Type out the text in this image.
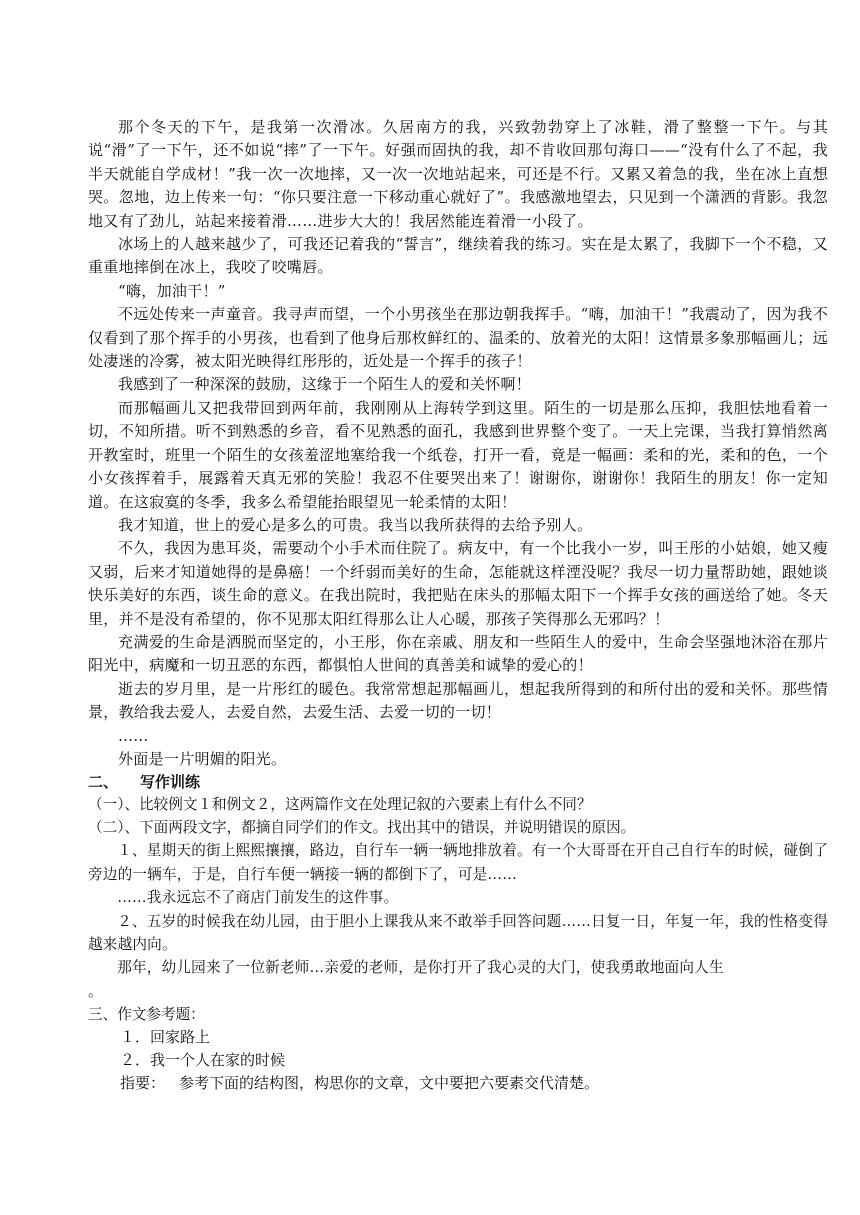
那个冬天的下午，是我第一次滑冰。久居南方的我，兴致勃勃穿上了冰鞋，滑了整整一下午。与其说“滑”了一下午，还不如说“摔”了一下午。好强而固执的我，却不肯收回那句海口——“没有什么了不起，我半天就能自学成材！”我一次一次地摔，又一次一次地站起来，可还是不行。又累又着急的我，坐在冰上直想哭。忽地，边上传来一句：“你只要注意一下移动重心就好了”。我感激地望去，只见到一个潇洒的背影。我忽地又有了劲儿，站起来接着滑……进步大大的！我居然能连着滑一小段了。

冰场上的人越来越少了，可我还记着我的“誓言”，继续着我的练习。实在是太累了，我脚下一个不稳，又重重地摔倒在冰上，我咬了咬嘴唇。

“嗨，加油干！”

不远处传来一声童音。我寻声而望，一个小男孩坐在那边朝我挥手。“嗨，加油干！”我震动了，因为我不仅看到了那个挥手的小男孩，也看到了他身后那枚鲜红的、温柔的、放着光的太阳！这情景多象那幅画儿；远处凄迷的冷雾，被太阳光映得红彤彤的，近处是一个挥手的孩子！

我感到了一种深深的鼓励，这缘于一个陌生人的爱和关怀啊！

而那幅画儿又把我带回到两年前，我刚刚从上海转学到这里。陌生的一切是那么压抑，我胆怯地看着一切，不知所措。听不到熟悉的乡音，看不见熟悉的面孔，我感到世界整个变了。一天上完课，当我打算悄然离开教室时，班里一个陌生的女孩羞涩地塞给我一个纸卷，打开一看，竟是一幅画：柔和的光，柔和的色，一个小女孩挥着手，展露着天真无邪的笑脸！我忍不住要哭出来了！谢谢你，谢谢你！我陌生的朋友！你一定知道。在这寂寞的冬季，我多么希望能抬眼望见一轮柔情的太阳！

我才知道，世上的爱心是多么的可贵。我当以我所获得的去给予别人。

不久，我因为患耳炎，需要动个小手术而住院了。病友中，有一个比我小一岁，叫王彤的小姑娘，她又瘦又弱，后来才知道她得的是鼻癌！一个纤弱而美好的生命，怎能就这样湮没呢？我尽一切力量帮助她，跟她谈快乐美好的东西，谈生命的意义。在我出院时，我把贴在床头的那幅太阳下一个挥手女孩的画送给了她。冬天里，并不是没有希望的，你不见那太阳红得那么让人心暖，那孩子笑得那么无邪吗？！

充满爱的生命是洒脱而坚定的，小王彤，你在亲戚、朋友和一些陌生人的爱中，生命会坚强地沐浴在那片阳光中，病魔和一切丑恶的东西，都惧怕人世间的真善美和诚挚的爱心的！

逝去的岁月里，是一片彤红的暖色。我常常想起那幅画儿，想起我所得到的和所付出的爱和关怀。那些情景，教给我去爱人，去爱自然，去爱生活、去爱一切的一切！

……

外面是一片明媚的阳光。

二、 写作训练

（一）、比较例文１和例文２，这两篇作文在处理记叙的六要素上有什么不同？

（二）、下面两段文字，都摘自同学们的作文。找出其中的错误，并说明错误的原因。

１、星期天的街上熙熙攘攘，路边，自行车一辆一辆地排放着。有一个大哥哥在开自己自行车的时候，碰倒了旁边的一辆车，于是，自行车便一辆接一辆的都倒下了，可是……

……我永远忘不了商店门前发生的这件事。

２、五岁的时候我在幼儿园，由于胆小上课我从来不敢举手回答问题……日复一日，年复一年，我的性格变得越来越内向。

那年，幼儿园来了一位新老师…亲爱的老师，是你打开了我心灵的大门，使我勇敢地面向人生

。

三、作文参考题：

１．回家路上

２．我一个人在家的时候

指要： 参考下面的结构图，构思你的文章，文中要把六要素交代清楚。
